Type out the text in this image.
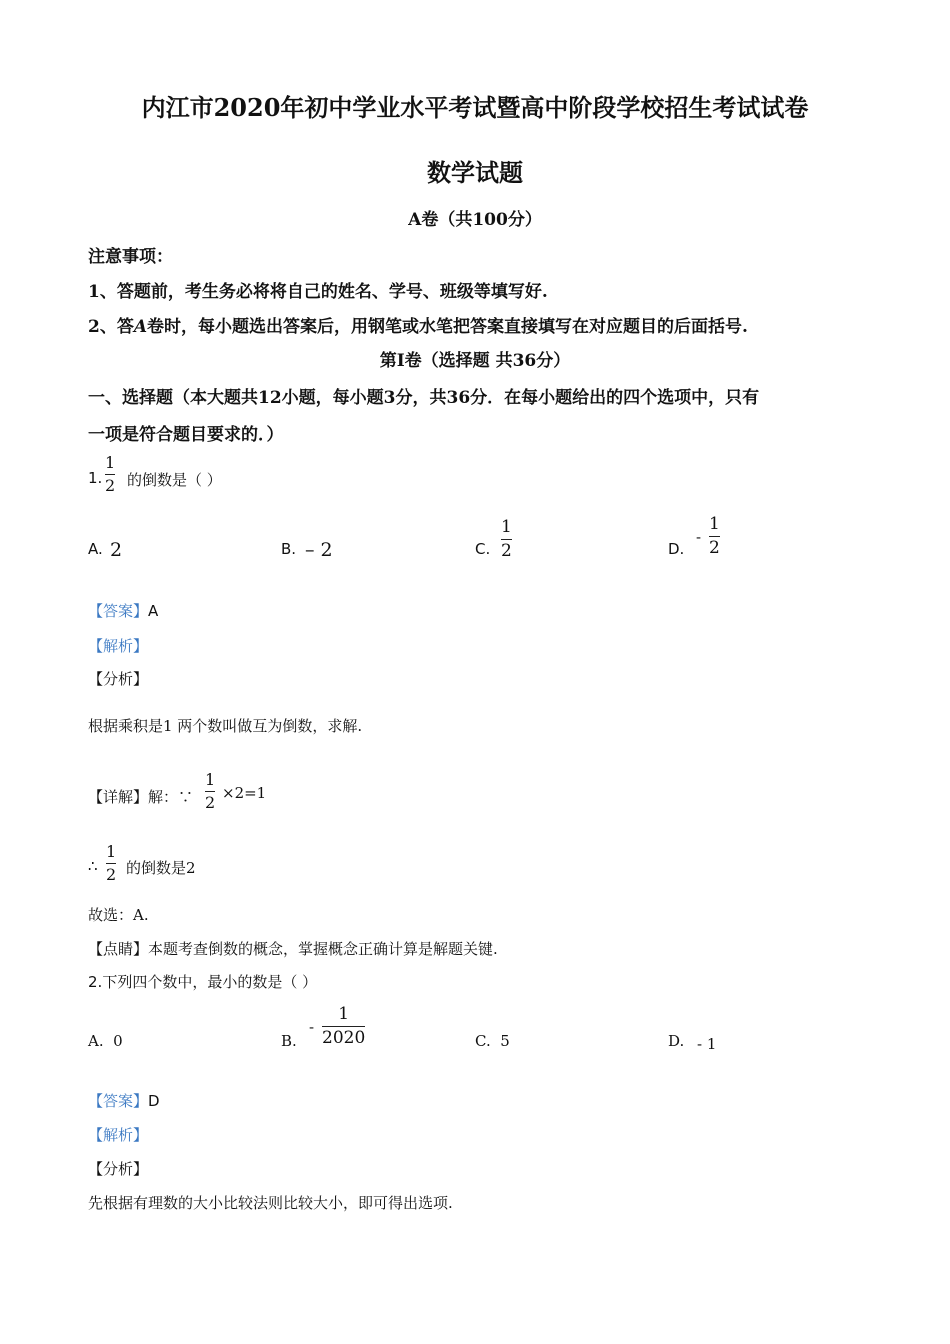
内江市2020年初中学业水平考试暨高中阶段学校招生考试试卷
数学试题
A卷（共100分）
注意事项：
1、答题前，考生务必将将自己的姓名、学号、班级等填写好.
2、答A卷时，每小题选出答案后，用钢笔或水笔把答案直接填写在对应题目的后面括号.
第Ⅰ卷（选择题 共36分）
一、选择题（本大题共12小题，每小题3分，共36分．在每小题给出的四个选项中，只有
一项是符合题目要求的．）
1.
1
2 的倒数是（ ）
A. 2	B. – 2	C.
1
2	D.
-
1
2
【答案】A
【解析】
【分析】
根据乘积是1 两个数叫做互为倒数，求解.
【详解】解：∵
1
2 ×2=1
∴
1
2 的倒数是2
故选：A.
【点睛】本题考查倒数的概念，掌握概念正确计算是解题关键.
2.下列四个数中，最小的数是（ ）
A. 0	B.
-
1
2020	C. 5	D. - 1
【答案】D
【解析】
【分析】
先根据有理数的大小比较法则比较大小，即可得出选项.
